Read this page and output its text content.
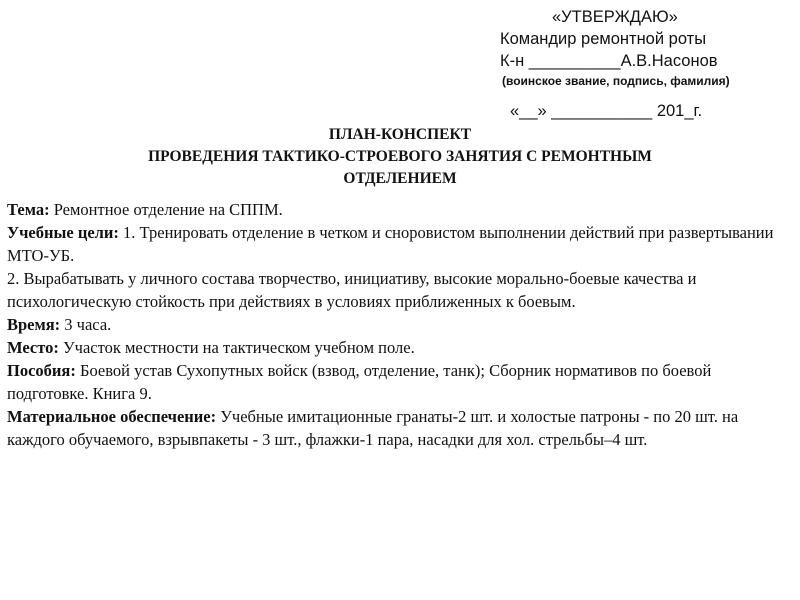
«УТВЕРЖДАЮ»
Командир ремонтной роты
К-н __________А.В.Насонов
(воинское звание, подпись, фамилия)
«__» ___________ 201_г.
ПЛАН-КОНСПЕКТ
ПРОВЕДЕНИЯ ТАКТИКО-СТРОЕВОГО ЗАНЯТИЯ С РЕМОНТНЫМ
ОТДЕЛЕНИЕМ

Тема: Ремонтное отделение на СППМ.

Учебные цели: 1. Тренировать отделение в четком и сноровистом выполнении действий при развертывании МТО-УБ.

2. Вырабатывать у личного состава творчество, инициативу, высокие морально-боевые качества и психологическую стойкость при действиях в условиях приближенных к боевым.

Время: 3 часа.

Место: Участок местности на тактическом учебном поле.

Пособия: Боевой устав Сухопутных войск (взвод, отделение, танк); Сборник нормативов по боевой подготовке. Книга 9.

Материальное обеспечение: Учебные имитационные гранаты-2 шт. и холостые патроны - по 20 шт. на каждого обучаемого, взрывпакеты - 3 шт., флажки-1 пара, насадки для хол. стрельбы–4 шт.
